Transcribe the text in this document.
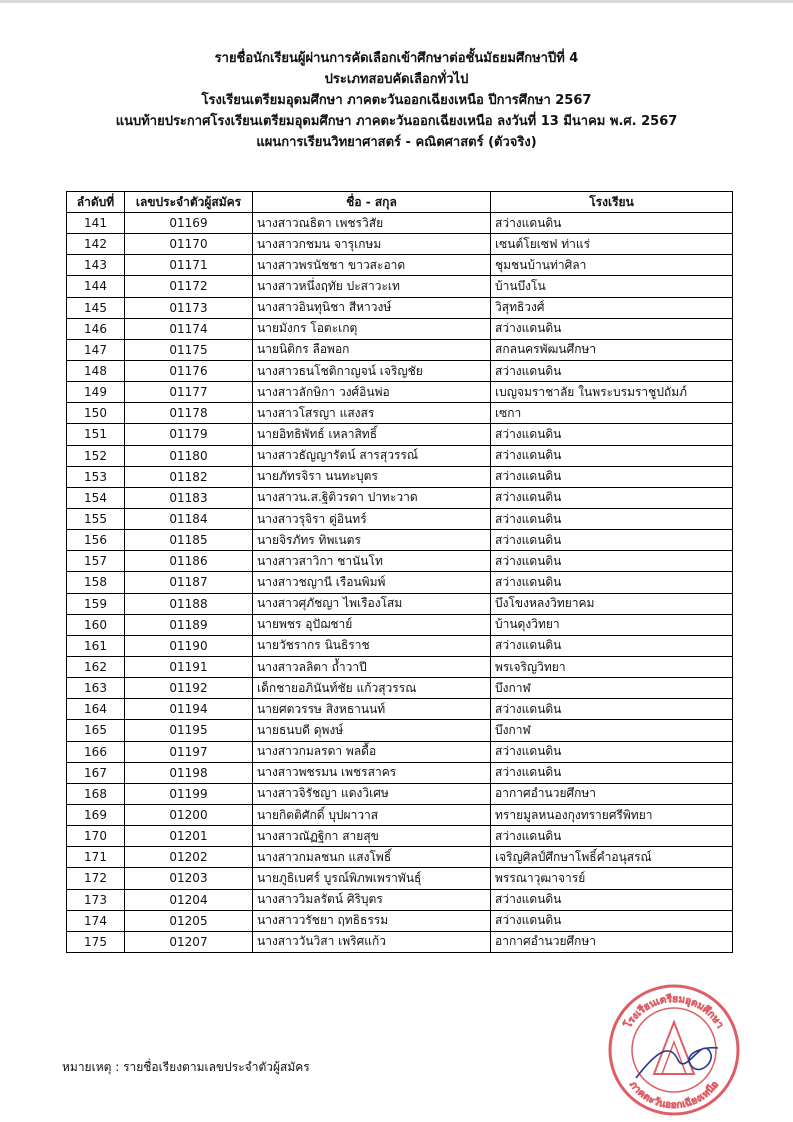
รายชื่อนักเรียนผู้ผ่านการคัดเลือกเข้าศึกษาต่อชั้นมัธยมศึกษาปีที่ 4
ประเภทสอบคัดเลือกทั่วไป
โรงเรียนเตรียมอุดมศึกษา ภาคตะวันออกเฉียงเหนือ ปีการศึกษา 2567
แนบท้ายประกาศโรงเรียนเตรียมอุดมศึกษา ภาคตะวันออกเฉียงเหนือ ลงวันที่ 13 มีนาคม พ.ศ. 2567
แผนการเรียนวิทยาศาสตร์ - คณิตศาสตร์ (ตัวจริง)
ลำดับที่	เลขประจำตัวผู้สมัคร	ชื่อ - สกุล	โรงเรียน
141	01169	นางสาวณธิตา เพชรวิสัย	สว่างแดนดิน
142	01170	นางสาวกชมน จารุเกษม	เซนต์โยเซฟ ท่าแร่
143	01171	นางสาวพรนัชชา ขาวสะอาด	ชุมชนบ้านท่าศิลา
144	01172	นางสาวหนึ่งฤทัย ปะสาวะเท	บ้านบึงโน
145	01173	นางสาวอินทุนิชา สีหาวงษ์	วิสุทธิวงศ์
146	01174	นายมังกร โอตะเกตุ	สว่างแดนดิน
147	01175	นายนิติกร ลือพอก	สกลนครพัฒนศึกษา
148	01176	นางสาวธนโชติกาญจน์ เจริญชัย	สว่างแดนดิน
149	01177	นางสาวลักษิกา วงศ์อินพ่อ	เบญจมราชาลัย ในพระบรมราชูปถัมภ์
150	01178	นางสาวโสรญา แสงสร	เซกา
151	01179	นายอิทธิพัทธ์ เหลาสิทธิ์	สว่างแดนดิน
152	01180	นางสาวธัญญารัตน์ สารสุวรรณ์	สว่างแดนดิน
153	01182	นายภัทรจิรา นนทะบุตร	สว่างแดนดิน
154	01183	นางสาวน.ส.ฐิติวรดา ปาทะวาด	สว่างแดนดิน
155	01184	นางสาวรุจิรา ดู่อินทร์	สว่างแดนดิน
156	01185	นายจิรภัทร ทิพเนตร	สว่างแดนดิน
157	01186	นางสาวสาวิกา ชานันโท	สว่างแดนดิน
158	01187	นางสาวชญานี เรือนพิมพ์	สว่างแดนดิน
159	01188	นางสาวศุภัชญา ไพเรืองโสม	บึงโขงหลงวิทยาคม
160	01189	นายพชร อุปัฌชาย์	บ้านดุงวิทยา
161	01190	นายวัชรากร นินธิราช	สว่างแดนดิน
162	01191	นางสาวลลิตา ถ้ำวาปี	พรเจริญวิทยา
163	01192	เด็กชายอภินันท์ชัย แก้วสุวรรณ	บึงกาฬ
164	01194	นายศตวรรษ สิงหธานนท์	สว่างแดนดิน
165	01195	นายธนบดี ดุพงษ์	บึงกาฬ
166	01197	นางสาวกมลรดา พลดื้อ	สว่างแดนดิน
167	01198	นางสาวพชรมน เพชรสาคร	สว่างแดนดิน
168	01199	นางสาวจิรัชญา แดงวิเศษ	อากาศอำนวยศึกษา
169	01200	นายกิตติศักดิ์ บุปผาวาส	ทรายมูลหนองกุงทรายศรีพิทยา
170	01201	นางสาวณัฏฐิกา สายสุข	สว่างแดนดิน
171	01202	นางสาวกมลชนก แสงโพธิ์	เจริญศิลป์ศึกษาโพธิ์คำอนุสรณ์
172	01203	นายภูธิเบศร์ บูรณ์พิภพเพราพันธุ์	พรรณาวุฒาจารย์
173	01204	นางสาววิมลรัตน์ ศิริบุตร	สว่างแดนดิน
174	01205	นางสาววรัชยา ฤทธิธรรม	สว่างแดนดิน
175	01207	นางสาววันวิสา เพริศแก้ว	อากาศอำนวยศึกษา
หมายเหตุ : รายชื่อเรียงตามเลขประจำตัวผู้สมัคร
โรงเรียนเตรียมอุดมศึกษา
ภาคตะวันออกเฉียงเหนือ
